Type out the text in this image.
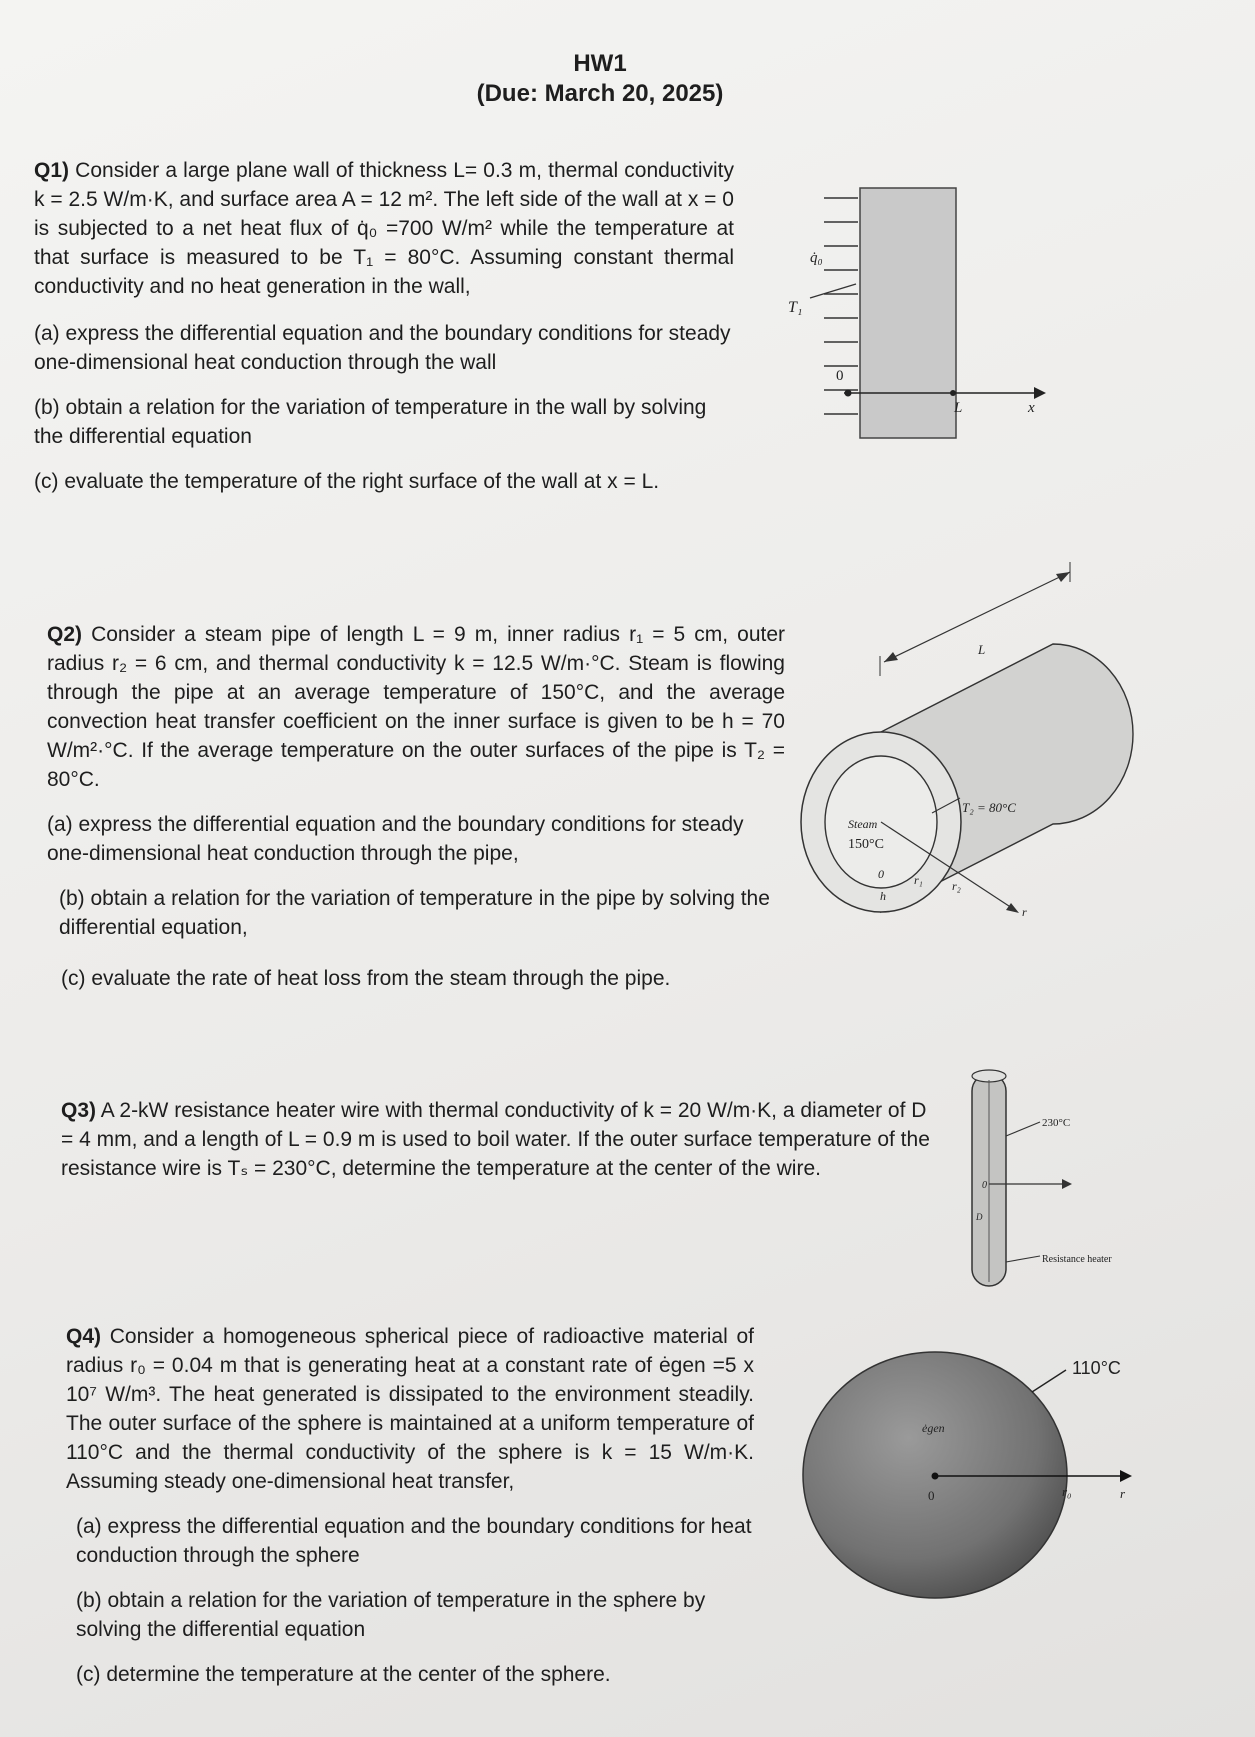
HW1
(Due: March 20, 2025)

Q1) Consider a large plane wall of thickness L= 0.3 m, thermal conductivity k = 2.5 W/m·K, and surface area A = 12 m². The left side of the wall at x = 0 is subjected to a net heat flux of q̇₀ =700 W/m² while the temperature at that surface is measured to be T₁ = 80°C. Assuming constant thermal conductivity and no heat generation in the wall,

(a) express the differential equation and the boundary conditions for steady one-dimensional heat conduction through the wall

(b) obtain a relation for the variation of temperature in the wall by solving the differential equation

(c) evaluate the temperature of the right surface of the wall at x = L.

q̇₀
T₁
0
L	x

Q2) Consider a steam pipe of length L = 9 m, inner radius r₁ = 5 cm, outer radius r₂ = 6 cm, and thermal conductivity k = 12.5 W/m·°C. Steam is flowing through the pipe at an average temperature of 150°C, and the average convection heat transfer coefficient on the inner surface is given to be h = 70 W/m²·°C. If the average temperature on the outer surfaces of the pipe is T₂ = 80°C.

(a) express the differential equation and the boundary conditions for steady one-dimensional heat conduction through the pipe,

(b) obtain a relation for the variation of temperature in the pipe by solving the differential equation,

(c) evaluate the rate of heat loss from the steam through the pipe.

L
T₂ = 80°C
Steam
150°C
0	r₁ r₂
r
h

Q3) A 2-kW resistance heater wire with thermal conductivity of k = 20 W/m·K, a diameter of D = 4 mm, and a length of L = 0.9 m is used to boil water. If the outer surface temperature of the resistance wire is Tₛ = 230°C, determine the temperature at the center of the wire.

230°C
0
D
Resistance heater

Q4) Consider a homogeneous spherical piece of radioactive material of radius r₀ = 0.04 m that is generating heat at a constant rate of ėgen =5 x 10⁷ W/m³. The heat generated is dissipated to the environment steadily. The outer surface of the sphere is maintained at a uniform temperature of 110°C and the thermal conductivity of the sphere is k = 15 W/m·K. Assuming steady one-dimensional heat transfer,

(a) express the differential equation and the boundary conditions for heat conduction through the sphere

(b) obtain a relation for the variation of temperature in the sphere by solving the differential equation

(c) determine the temperature at the center of the sphere.

110°C
ėgen
0	r₀	r
